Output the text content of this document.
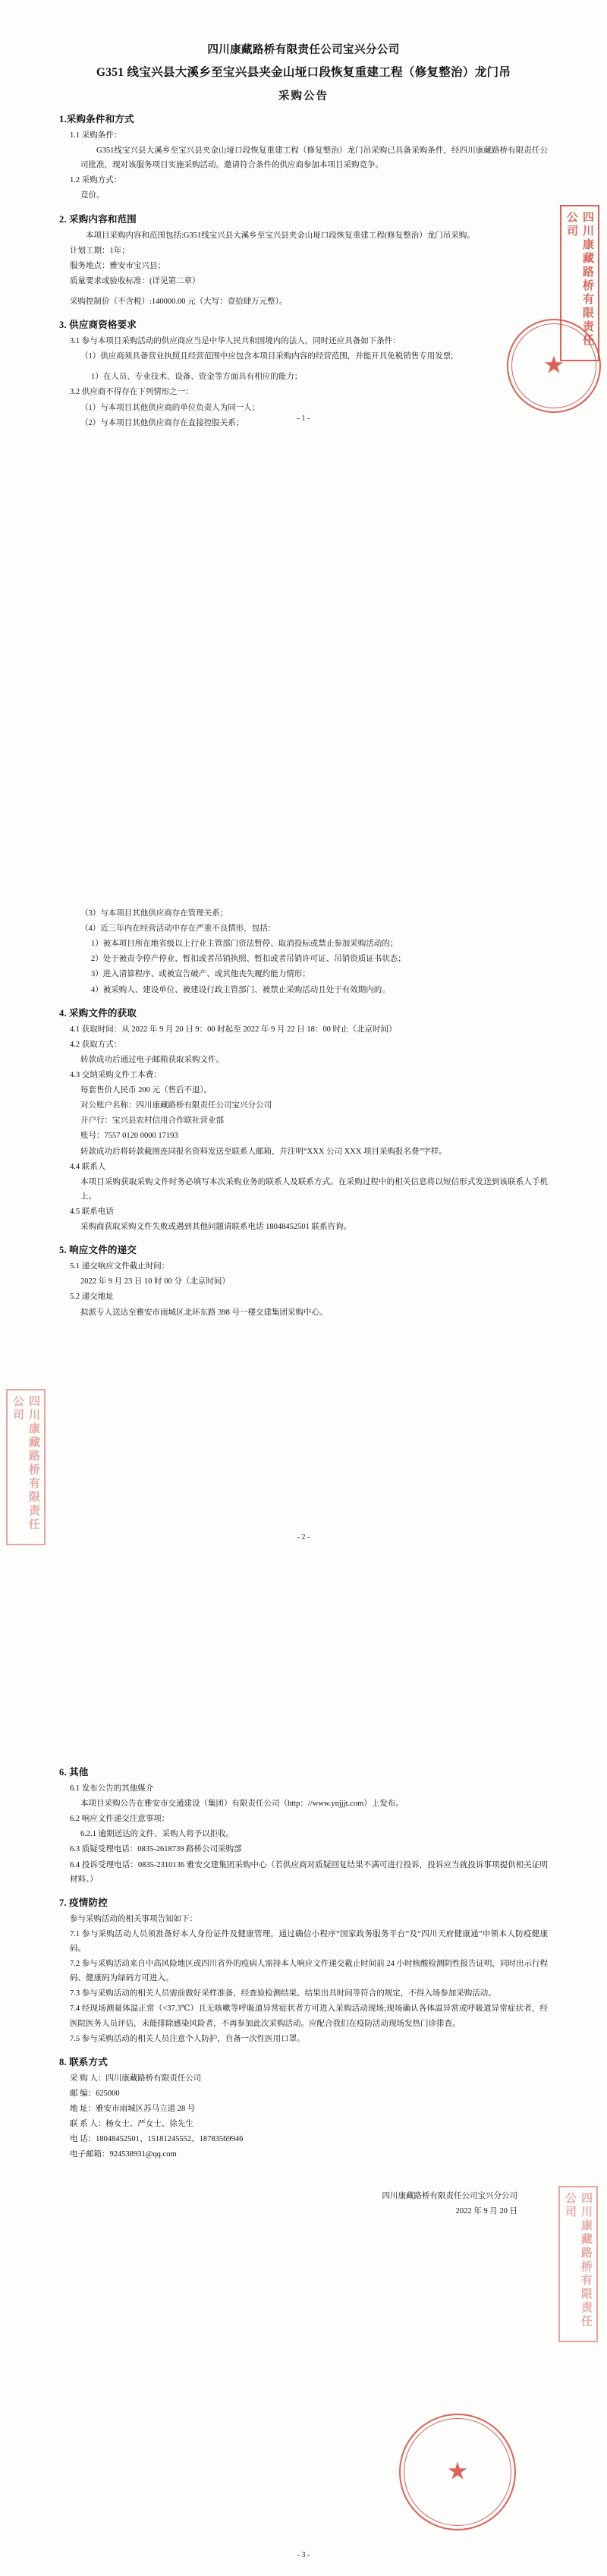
四川康藏路桥有限责任公司宝兴分公司
G351 线宝兴县大溪乡至宝兴县夹金山垭口段恢复重建工程（修复整治）龙门吊
采购公告
1.采购条件和方式

1.1 采购条件：

G351线宝兴县大溪乡至宝兴县夹金山垭口段恢复重建工程（修复整治）龙门吊采购已具备采购条件，经四川康藏路桥有限责任公司批准，现对该服务项目实施采购活动。邀请符合条件的供应商参加本项目采购竞争。

1.2 采购方式：

竞价。

2. 采购内容和范围

本项目采购内容和范围包括:G351线宝兴县大溪乡至宝兴县夹金山垭口段恢复重建工程(修复整治）龙门吊采购。

计划工期：1年；

服务地点：雅安市宝兴县；

质量要求或验收标准：(详见第二章）

采购控制价（不含税）:140000.00 元（大写：壹拾肆万元整）。

3. 供应商资格要求

3.1 参与本项目采购活动的供应商应当是中华人民共和国境内的法人，同时还应具备如下条件：

（1）供应商须具备营业执照且经营范围中应包含本项目采购内容的经营范围，并能开具免税销售专用发票;

1）在人员、专业技术、设备、资金等方面具有相应的能力；

3.2 供应商不得存在下列情形之一：

（1）与本项目其他供应商的单位负责人为同一人；

（2）与本项目其他供应商存在直接控股关系；

- 1 -
四川康藏路桥有限责任公司
★

（3）与本项目其他供应商存在管理关系；

（4）近三年内在经营活动中存在严重不良情形，包括：

1）被本项目所在地省级以上行业主管部门资法暂停、取消投标或禁止参加采购活动的；

2）处于被责令停产停业、暂扣或者吊销执照、暂扣或者吊销许可证、吊销资质证书状态；

3）进入清算程序、或被宣告破产、或其他丧失履约能力情形；

4）被采购人、建设单位、被建设行政主管部门、被禁止采购活动且处于有效期内的。

4. 采购文件的获取

4.1 获取时间：从 2022 年 9 月 20 日 9：00 时起至 2022 年 9 月 22 日 18：00 时止（北京时间）

4.2 获取方式：

转款成功后通过电子邮箱获取采购文件。

4.3 交纳采购文件工本费：

每套售价人民币 200 元（售后不退）。

对公账户名称：四川康藏路桥有限责任公司宝兴分公司

开户行：宝兴县农村信用合作联社营业部

账号：7557 0120 0000 17193

转款成功后将转款截图连同报名资料发送至联系人邮箱，并注明“XXX 公司 XXX 项目采购报名费”字样。

4.4 联系人

本项目采购获取采购文件时务必填写本次采购业务的联系人及联系方式。在采购过程中的相关信息将以短信形式发送到该联系人手机上。

4.5 联系电话

采购商获取采购文件失败或遇到其他问题请联系电话 18048452501 联系咨询。

5. 响应文件的递交

5.1 递交响应文件截止时间：

2022 年 9 月 23 日 10 时 00 分（北京时间）

5.2 递交地址

拟派专人送达至雅安市雨城区北环东路 398 号一楼交建集团采购中心。

- 2 -
四川康藏路桥有限责任公司
6. 其他

6.1 发布公告的其他媒介

本项目采购公告在雅安市交通建设（集团）有限责任公司（http：//www.ynjjjt.com）上发布。

6.2 响应文件递交注意事项：

6.2.1 逾期送达的文件、采购人将予以拒收。

6.3 质疑受理电话：0835-2618739 路桥公司采购部

6.4 投诉受理电话：0835-2310136 雅安交建集团采购中心（若供应商对质疑回复结果不满可进行投诉，投诉应当就投诉事项提供相关证明材料。）

7. 疫情防控

参与采购活动的相关事项告知如下：

7.1 参与采购活动人员须准备好本人身份证件及健康管理，通过确信小程序“国家政务服务平台”及“四川天府健康通”申领本人防疫健康码。

7.2 参与采购活动来自中高风险地区或四川省外的疫病人需持本人响应文件递交截止时间前 24 小时核酸检测阴性报告证明，同时出示行程码、健康码为绿码方可进入。

7.3 参与采购活动的相关人员需前做好采样准备，经查验检测结果、结果出具时间等符合的规定，不得入场参加采购活动。

7.4 经现场测量体温正常（<37.3℃）且无咳嗽等呼吸道异常症状者方可进入采购活动现场;现场确认各体温异常或呼吸道异常症状者，经医院医务人员评估，未能排除感染风险者，不再参加此次采购活动。应配合我们在疫防活动现场发热门诊排查。

7.5 参与采购活动的相关人员注意个人防护，自备一次性医用口罩。

8. 联系方式

采 购 人：四川康藏路桥有限责任公司

邮 编：625000

地 址：雅安市雨城区苏马立道 28 号

联 系 人：杨女士、严女士、徐先生

电 话：18048452501、15181245552、18783569946

电子邮箱：924538931@qq.com

四川康藏路桥有限责任公司宝兴分公司
2022 年 9 月 20 日
- 3 -
四川康藏路桥有限责任公司
★
